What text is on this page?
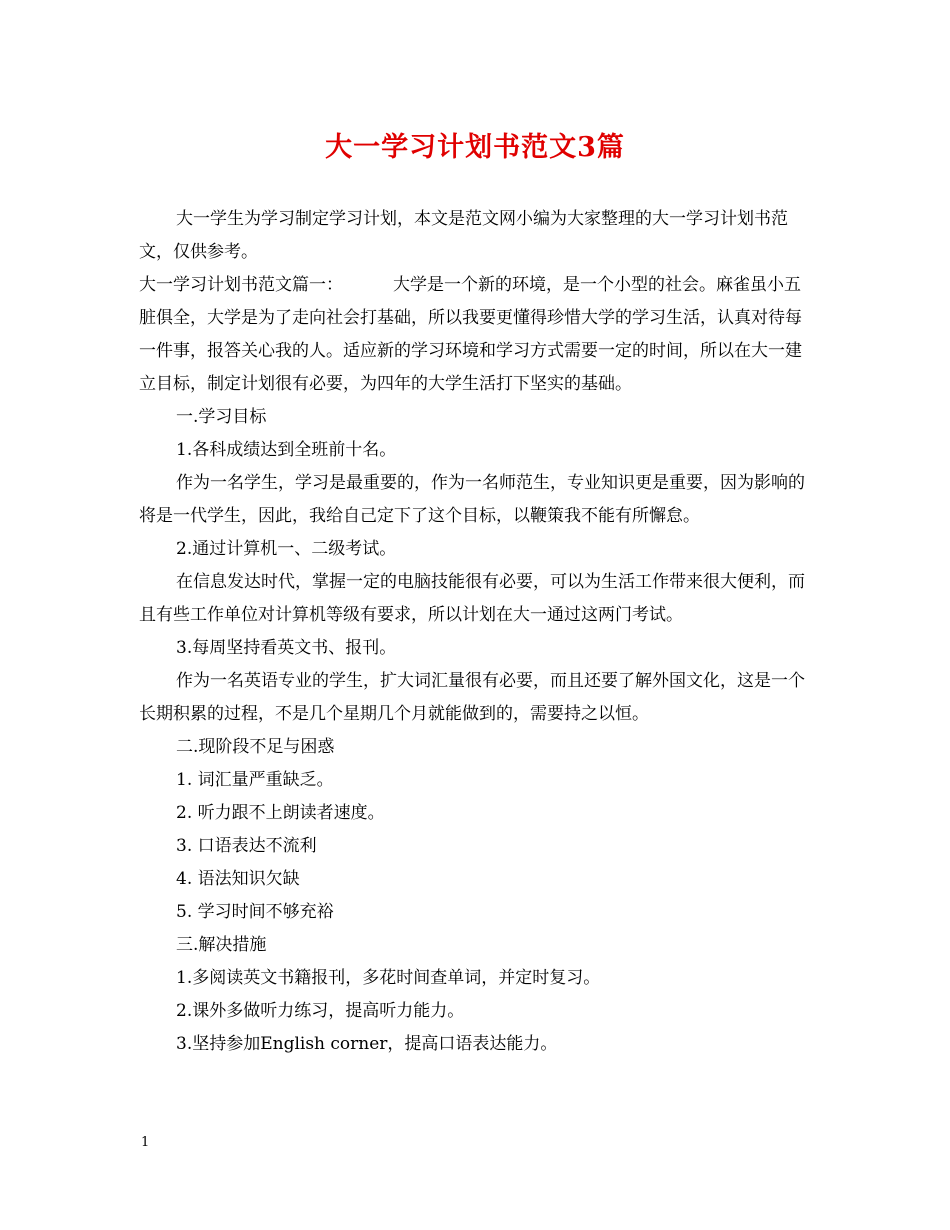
大一学习计划书范文3篇

大一学生为学习制定学习计划，本文是范文网小编为大家整理的大一学习计划书范文，仅供参考。

大一学习计划书范文篇一：	大学是一个新的环境，是一个小型的社会。麻雀虽小五脏俱全，大学是为了走向社会打基础，所以我要更懂得珍惜大学的学习生活，认真对待每一件事，报答关心我的人。适应新的学习环境和学习方式需要一定的时间，所以在大一建立目标，制定计划很有必要，为四年的大学生活打下坚实的基础。

一.学习目标

1.各科成绩达到全班前十名。

作为一名学生，学习是最重要的，作为一名师范生，专业知识更是重要，因为影响的将是一代学生，因此，我给自己定下了这个目标，以鞭策我不能有所懈怠。

2.通过计算机一、二级考试。

在信息发达时代，掌握一定的电脑技能很有必要，可以为生活工作带来很大便利，而且有些工作单位对计算机等级有要求，所以计划在大一通过这两门考试。

3.每周坚持看英文书、报刊。

作为一名英语专业的学生，扩大词汇量很有必要，而且还要了解外国文化，这是一个长期积累的过程，不是几个星期几个月就能做到的，需要持之以恒。

二.现阶段不足与困惑

1. 词汇量严重缺乏。

2. 听力跟不上朗读者速度。

3. 口语表达不流利

4. 语法知识欠缺

5. 学习时间不够充裕

三.解决措施

1.多阅读英文书籍报刊，多花时间查单词，并定时复习。

2.课外多做听力练习，提高听力能力。

3.坚持参加English corner，提高口语表达能力。

1
